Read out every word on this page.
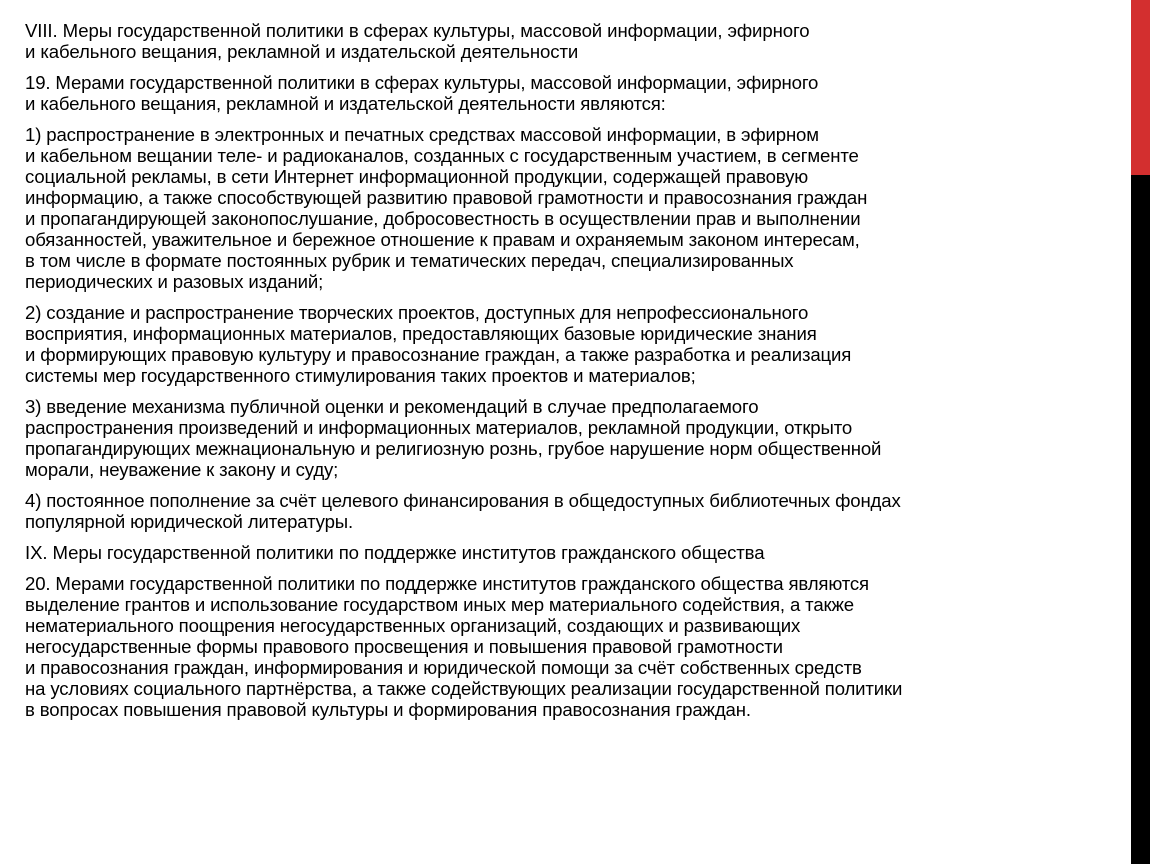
VIII. Меры государственной политики в сферах культуры, массовой информации, эфирного
и кабельного вещания, рекламной и издательской деятельности

19. Мерами государственной политики в сферах культуры, массовой информации, эфирного
и кабельного вещания, рекламной и издательской деятельности являются:

1) распространение в электронных и печатных средствах массовой информации, в эфирном
и кабельном вещании теле- и радиоканалов, созданных с государственным участием, в сегменте
социальной рекламы, в сети Интернет информационной продукции, содержащей правовую
информацию, а также способствующей развитию правовой грамотности и правосознания граждан
и пропагандирующей законопослушание, добросовестность в осуществлении прав и выполнении
обязанностей, уважительное и бережное отношение к правам и охраняемым законом интересам,
в том числе в формате постоянных рубрик и тематических передач, специализированных
периодических и разовых изданий;

2) создание и распространение творческих проектов, доступных для непрофессионального
восприятия, информационных материалов, предоставляющих базовые юридические знания
и формирующих правовую культуру и правосознание граждан, а также разработка и реализация
системы мер государственного стимулирования таких проектов и материалов;

3) введение механизма публичной оценки и рекомендаций в случае предполагаемого
распространения произведений и информационных материалов, рекламной продукции, открыто
пропагандирующих межнациональную и религиозную рознь, грубое нарушение норм общественной
морали, неуважение к закону и суду;

4) постоянное пополнение за счёт целевого финансирования в общедоступных библиотечных фондах
популярной юридической литературы.

IX. Меры государственной политики по поддержке институтов гражданского общества

20. Мерами государственной политики по поддержке институтов гражданского общества являются
выделение грантов и использование государством иных мер материального содействия, а также
нематериального поощрения негосударственных организаций, создающих и развивающих
негосударственные формы правового просвещения и повышения правовой грамотности
и правосознания граждан, информирования и юридической помощи за счёт собственных средств
на условиях социального партнёрства, а также содействующих реализации государственной политики
в вопросах повышения правовой культуры и формирования правосознания граждан.
